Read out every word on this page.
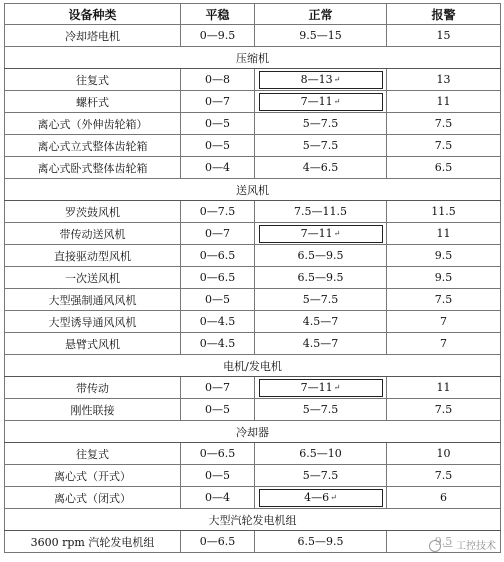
设备种类	平稳	正常	报警
冷却塔电机	0—9.5	9.5—15	15
压缩机			
往复式	0—8	8—13↵	13
螺杆式	0—7	7—11↵	11
离心式（外伸齿轮箱）	0—5	5—7.5	7.5
离心式立式整体齿轮箱	0—5	5—7.5	7.5
离心式卧式整体齿轮箱	0—4	4—6.5	6.5
送风机			
罗茨鼓风机	0—7.5	7.5—11.5	11.5
带传动送风机	0—7	7—11↵	11
直接驱动型风机	0—6.5	6.5—9.5	9.5
一次送风机	0—6.5	6.5—9.5	9.5
大型强制通风风机	0—5	5—7.5	7.5
大型诱导通风风机	0—4.5	4.5—7	7
悬臂式风机	0—4.5	4.5—7	7
电机/发电机			
带传动	0—7	7—11↵	11
刚性联接	0—5	5—7.5	7.5
冷却器			
往复式	0—6.5	6.5—10	10
离心式（开式）	0—5	5—7.5	7.5
离心式（闭式）	0—4	4—6↵	6
大型汽轮发电机组			
3600 rpm 汽轮发电机组	0—6.5	6.5—9.5		— 工控技术
